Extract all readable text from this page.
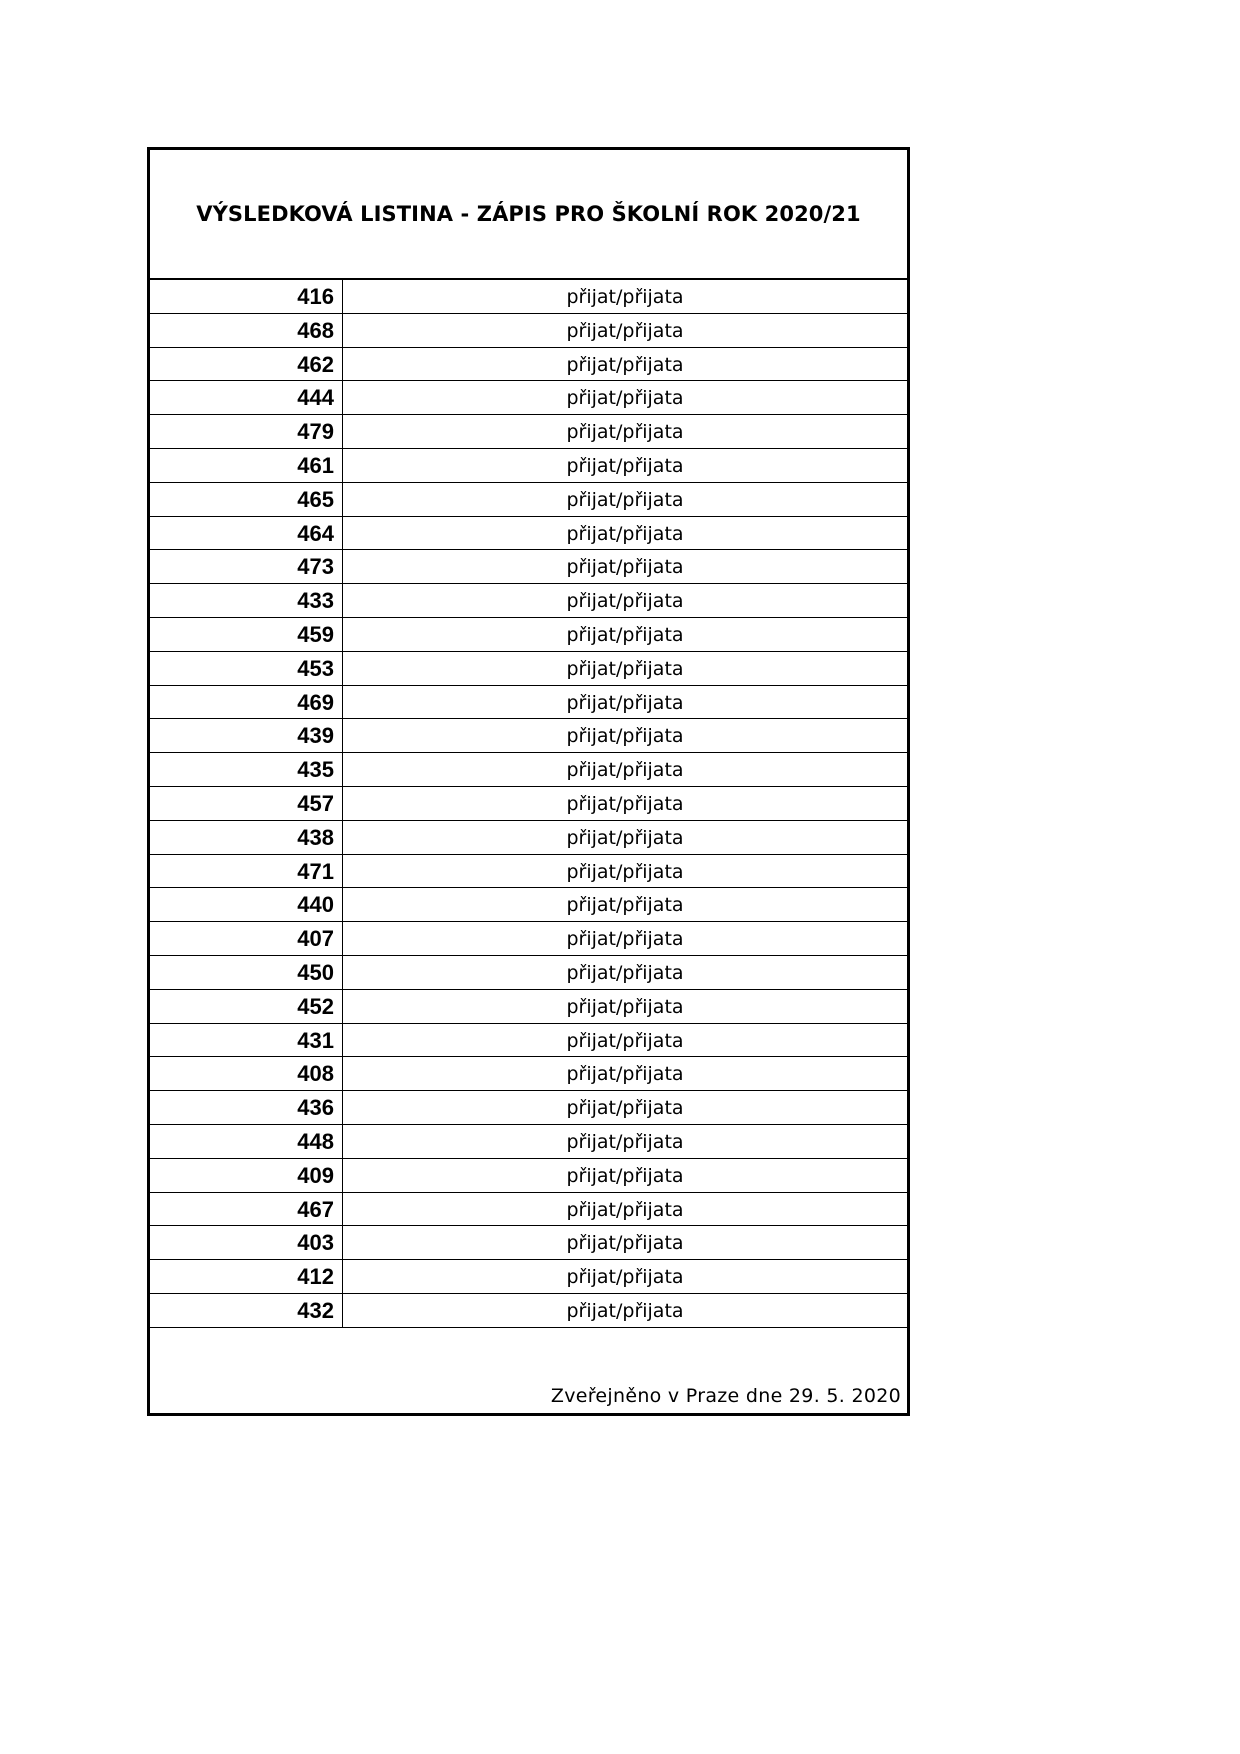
VÝSLEDKOVÁ LISTINA - ZÁPIS PRO ŠKOLNÍ ROK 2020/21
416	přijat/přijata
468	přijat/přijata
462	přijat/přijata
444	přijat/přijata
479	přijat/přijata
461	přijat/přijata
465	přijat/přijata
464	přijat/přijata
473	přijat/přijata
433	přijat/přijata
459	přijat/přijata
453	přijat/přijata
469	přijat/přijata
439	přijat/přijata
435	přijat/přijata
457	přijat/přijata
438	přijat/přijata
471	přijat/přijata
440	přijat/přijata
407	přijat/přijata
450	přijat/přijata
452	přijat/přijata
431	přijat/přijata
408	přijat/přijata
436	přijat/přijata
448	přijat/přijata
409	přijat/přijata
467	přijat/přijata
403	přijat/přijata
412	přijat/přijata
432	přijat/přijata
Zveřejněno v Praze dne 29. 5. 2020
